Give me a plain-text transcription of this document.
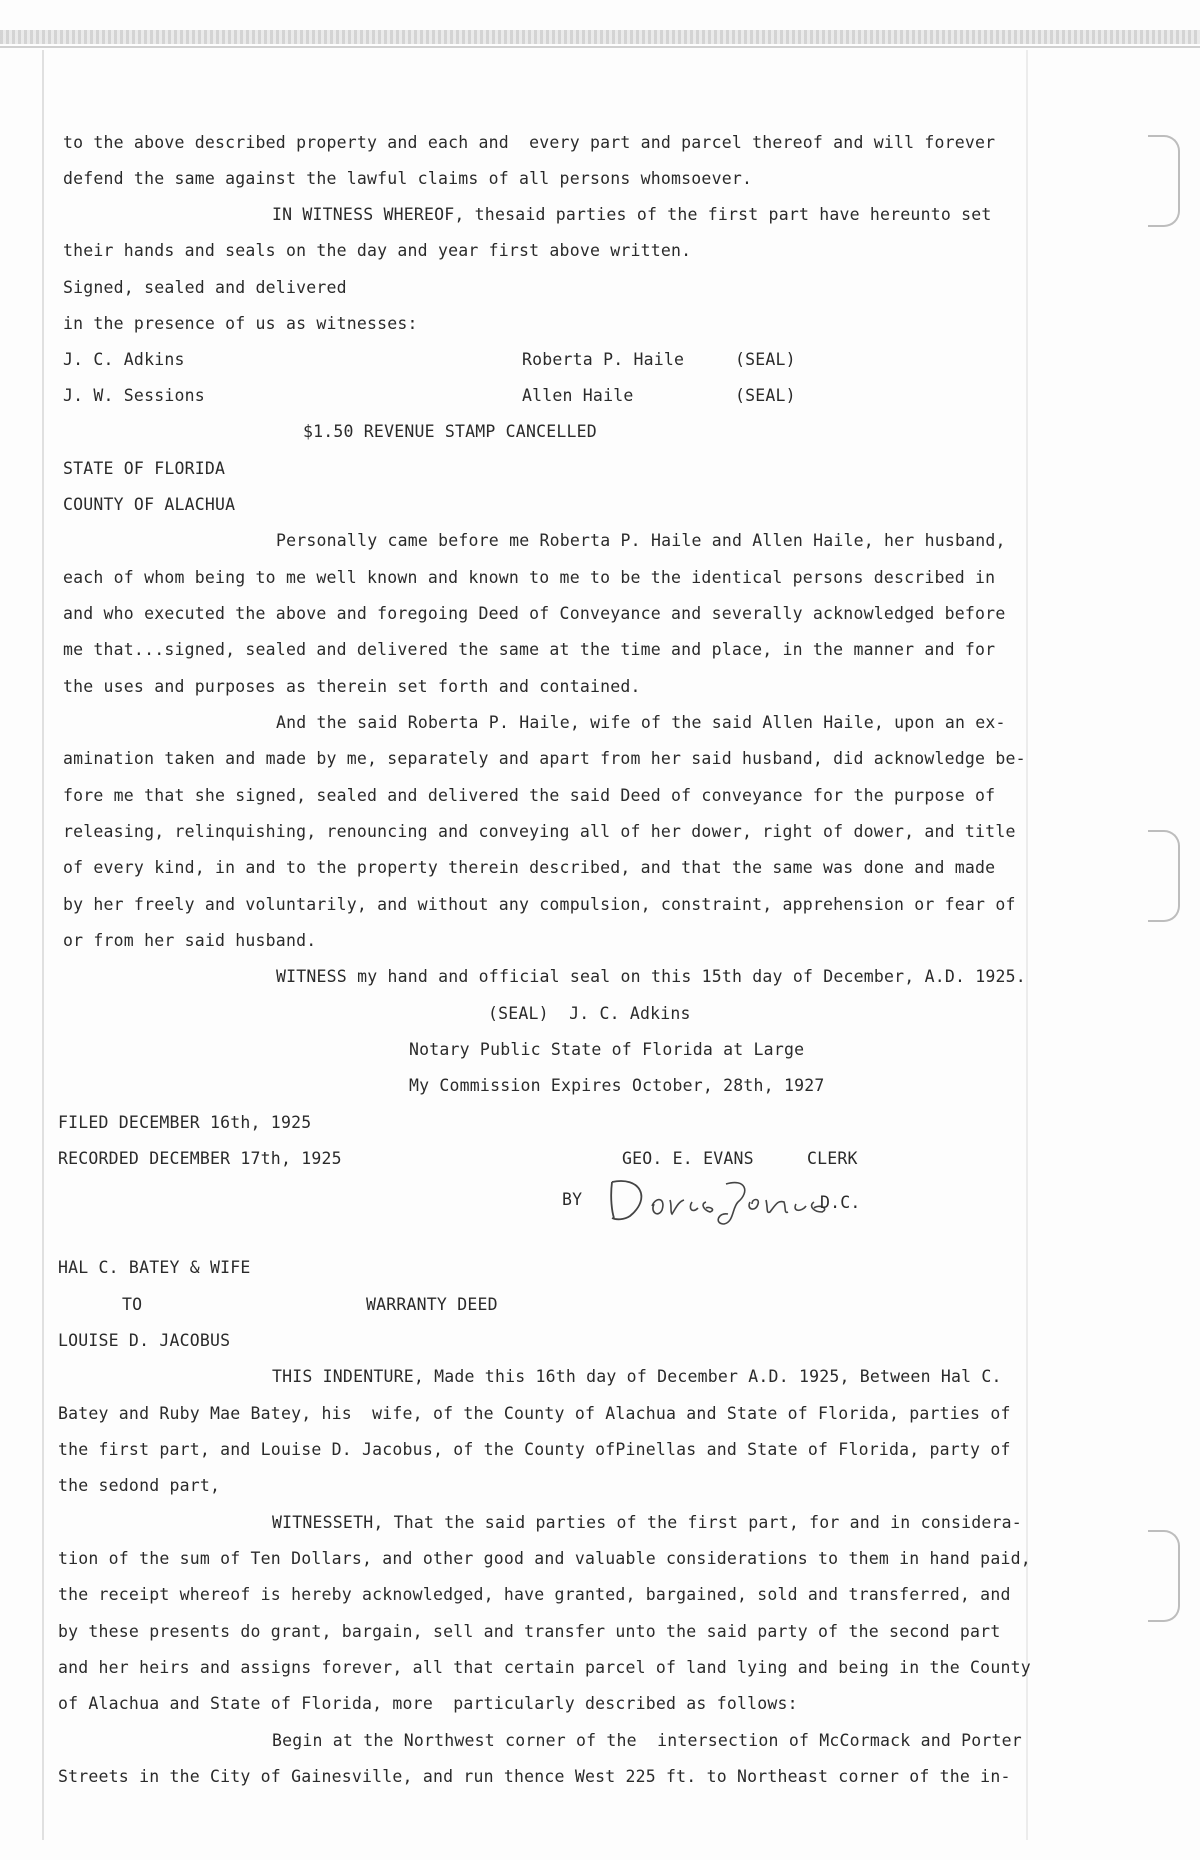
to the above described property and each and  every part and parcel thereof and will forever
defend the same against the lawful claims of all persons whomsoever.
IN WITNESS WHEREOF, thesaid parties of the first part have hereunto set
their hands and seals on the day and year first above written.
Signed, sealed and delivered
in the presence of us as witnesses:
J. C. Adkins	Roberta P. Haile	(SEAL)
J. W. Sessions	Allen Haile	(SEAL)
$1.50 REVENUE STAMP CANCELLED
STATE OF FLORIDA
COUNTY OF ALACHUA
Personally came before me Roberta P. Haile and Allen Haile, her husband,
each of whom being to me well known and known to me to be the identical persons described in
and who executed the above and foregoing Deed of Conveyance and severally acknowledged before
me that...signed, sealed and delivered the same at the time and place, in the manner and for
the uses and purposes as therein set forth and contained.
And the said Roberta P. Haile, wife of the said Allen Haile, upon an ex-
amination taken and made by me, separately and apart from her said husband, did acknowledge be-
fore me that she signed, sealed and delivered the said Deed of conveyance for the purpose of
releasing, relinquishing, renouncing and conveying all of her dower, right of dower, and title
of every kind, in and to the property therein described, and that the same was done and made
by her freely and voluntarily, and without any compulsion, constraint, apprehension or fear of
or from her said husband.
WITNESS my hand and official seal on this 15th day of December, A.D. 1925.
(SEAL)  J. C. Adkins
Notary Public State of Florida at Large
My Commission Expires October, 28th, 1927
FILED DECEMBER 16th, 1925
RECORDED DECEMBER 17th, 1925	GEO. E. EVANS	CLERK
BY	D.C.
HAL C. BATEY & WIFE
TO	WARRANTY DEED
LOUISE D. JACOBUS
THIS INDENTURE, Made this 16th day of December A.D. 1925, Between Hal C.
Batey and Ruby Mae Batey, his  wife, of the County of Alachua and State of Florida, parties of
the first part, and Louise D. Jacobus, of the County ofPinellas and State of Florida, party of
the sedond part,
WITNESSETH, That the said parties of the first part, for and in considera-
tion of the sum of Ten Dollars, and other good and valuable considerations to them in hand paid,
the receipt whereof is hereby acknowledged, have granted, bargained, sold and transferred, and
by these presents do grant, bargain, sell and transfer unto the said party of the second part
and her heirs and assigns forever, all that certain parcel of land lying and being in the County
of Alachua and State of Florida, more  particularly described as follows:
Begin at the Northwest corner of the  intersection of McCormack and Porter
Streets in the City of Gainesville, and run thence West 225 ft. to Northeast corner of the in-
